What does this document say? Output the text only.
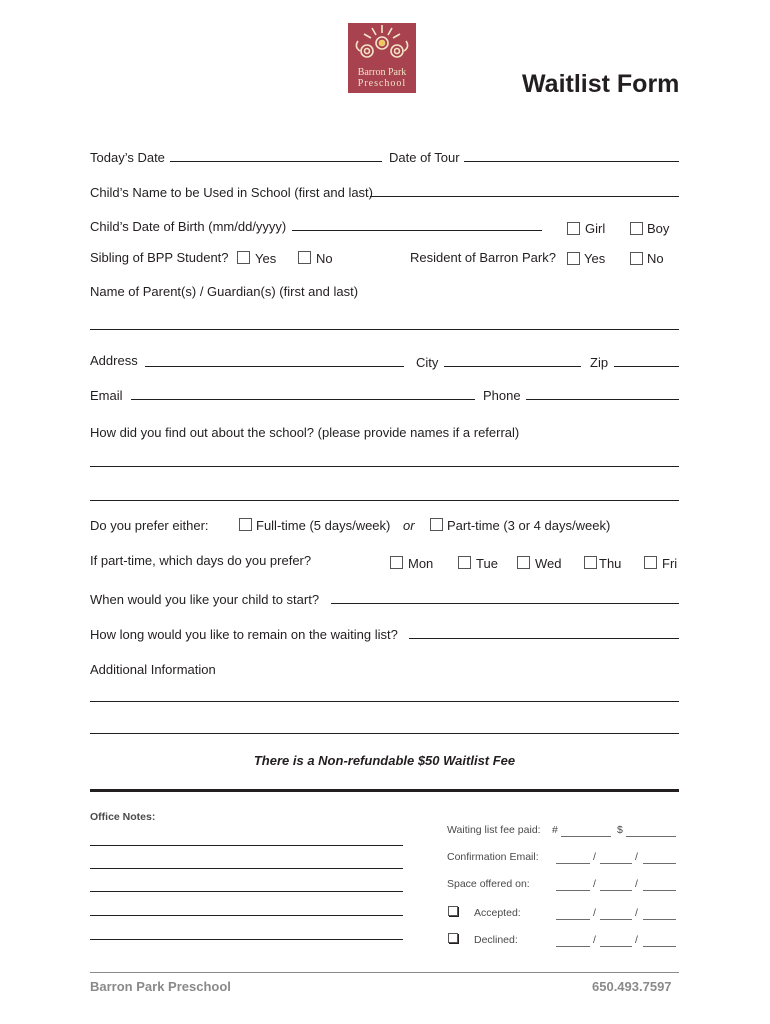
Barron Park
Preschool	Waitlist Form
Today’s Date	Date of Tour
Child’s Name to be Used in School (first and last)
Child’s Date of Birth (mm/dd/yyyy)	Girl	Boy
Sibling of BPP Student? Yes	No	Resident of Barron Park? Yes	No
Name of Parent(s) / Guardian(s) (first and last)
Address	City	Zip
Email	Phone
How did you find out about the school? (please provide names if a referral)
Do you prefer either:	Full-time (5 days/week) or Part-time (3 or 4 days/week)
If part-time, which days do you prefer?	Mon	Tue	Wed	Thu	Fri
When would you like your child to start?
How long would you like to remain on the waiting list?
Additional Information
There is a Non-refundable $50 Waitlist Fee
Office Notes:
Waiting list fee paid: #	$
Confirmation Email:	/	/
Space offered on:	/	/
Accepted:	/	/
Declined:	/	/
Barron Park Preschool	650.493.7597
